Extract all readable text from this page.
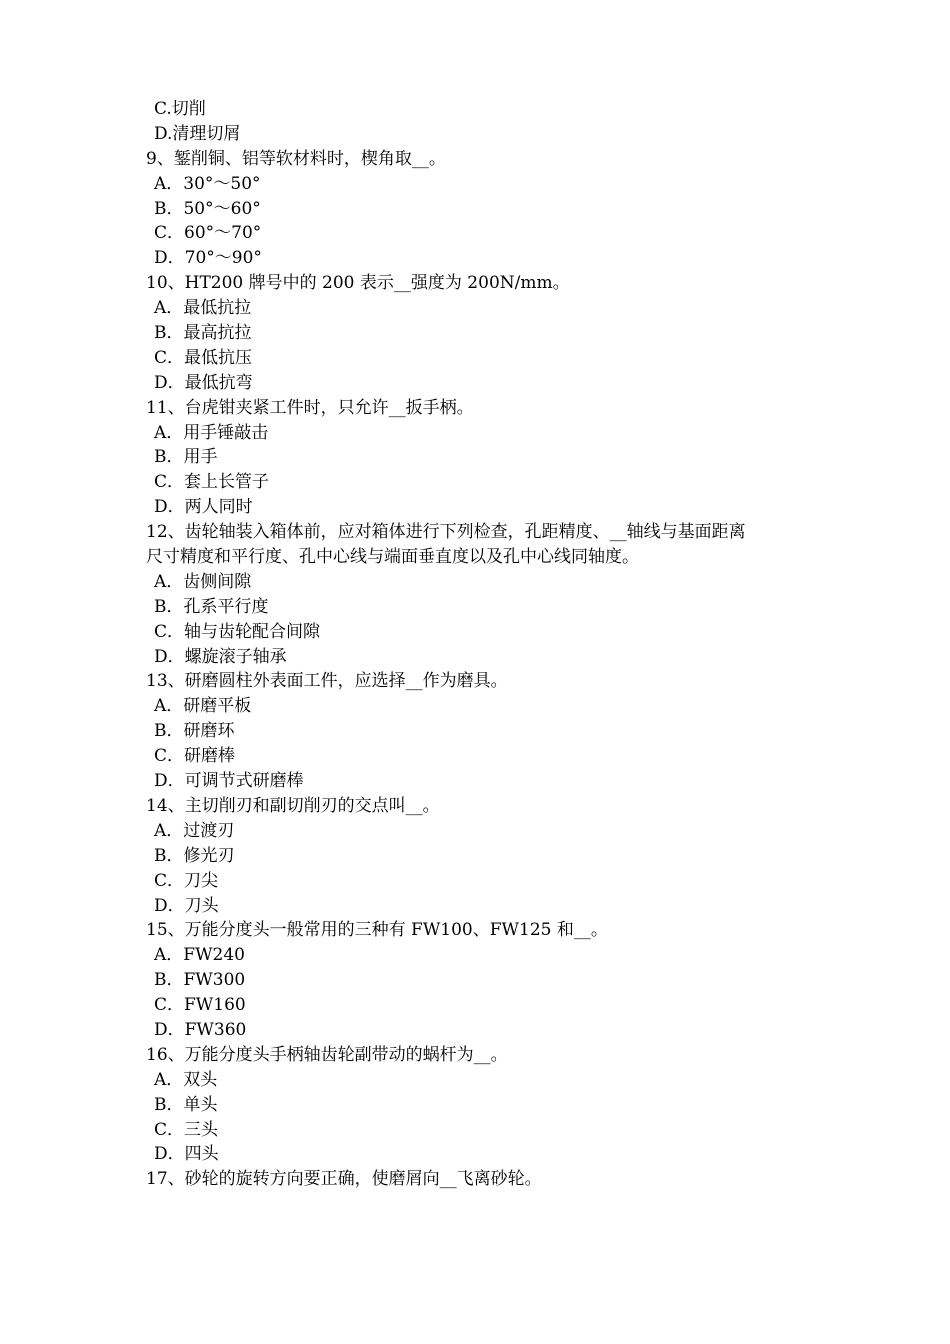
C.切削
D.清理切屑
9、錾削铜、铝等软材料时，楔角取__。
A．30°～50°
B．50°～60°
C．60°～70°
D．70°～90°
10、HT200 牌号中的 200 表示__强度为 200N/mm。
A．最低抗拉
B．最高抗拉
C．最低抗压
D．最低抗弯
11、台虎钳夹紧工件时，只允许__扳手柄。
A．用手锤敲击
B．用手
C．套上长管子
D．两人同时
12、齿轮轴装入箱体前，应对箱体进行下列检查，孔距精度、__轴线与基面距离
尺寸精度和平行度、孔中心线与端面垂直度以及孔中心线同轴度。
A．齿侧间隙
B．孔系平行度
C．轴与齿轮配合间隙
D．螺旋滚子轴承
13、研磨圆柱外表面工件，应选择__作为磨具。
A．研磨平板
B．研磨环
C．研磨棒
D．可调节式研磨棒
14、主切削刃和副切削刃的交点叫__。
A．过渡刃
B．修光刃
C．刀尖
D．刀头
15、万能分度头一般常用的三种有 FW100、FW125 和__。
A．FW240
B．FW300
C．FW160
D．FW360
16、万能分度头手柄轴齿轮副带动的蜗杆为__。
A．双头
B．单头
C．三头
D．四头
17、砂轮的旋转方向要正确，使磨屑向__飞离砂轮。
